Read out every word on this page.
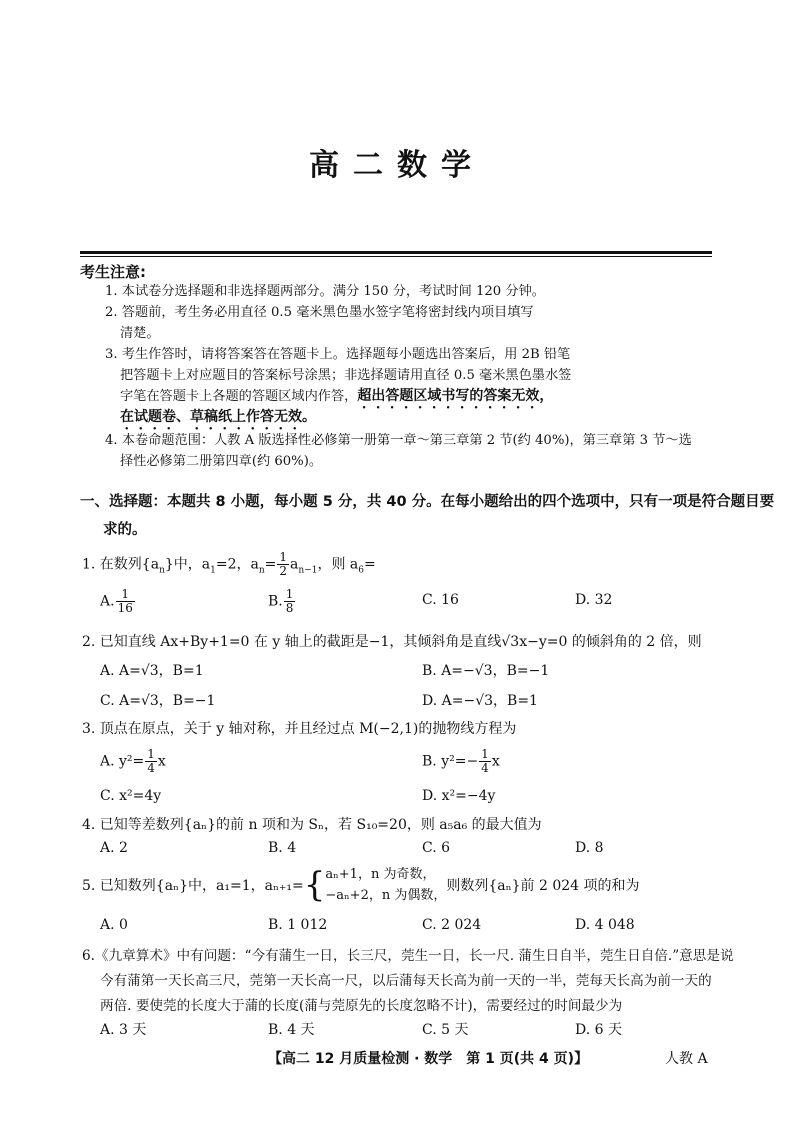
高二数学
考生注意:
1. 本试卷分选择题和非选择题两部分。满分 150 分，考试时间 120 分钟。
2. 答题前，考生务必用直径 0.5 毫米黑色墨水签字笔将密封线内项目填写
清楚。
3. 考生作答时，请将答案答在答题卡上。选择题每小题选出答案后，用 2B 铅笔
把答题卡上对应题目的答案标号涂黑；非选择题请用直径 0.5 毫米黑色墨水签
字笔在答题卡上各题的答题区域内作答，超出答题区域书写的答案无效，
在试题卷、草稿纸上作答无效。
4. 本卷命题范围：人教 A 版选择性必修第一册第一章～第三章第 2 节(约 40%)，第三章第 3 节～选
择性必修第二册第四章(约 60%)。
一、选择题：本题共 8 小题，每小题 5 分，共 40 分。在每小题给出的四个选项中，只有一项是符合题目要
求的。
1. 在数列$\{a_n\}$中，$a_1=2$，$a_n= \frac{1}{2} a_{n-1}$，则 $a_6=$
A. $\frac{1}{16}$	B. $\frac{1}{8}$	C. 16	D. 32
2. 已知直线 Ax+By+1=0 在 y 轴上的截距是−1，其倾斜角是直线√3x−y=0 的倾斜角的 2 倍，则
A. A=√3，B=1	B. A=−√3，B=−1
C. A=√3，B=−1	D. A=−√3，B=1
3. 顶点在原点，关于 y 轴对称，并且经过点 M(−2,1)的抛物线方程为
A. $y^2= \frac{1}{4}$ x	B. $y^2=- \frac{1}{4}$ x
C. x²=4y	D. x²=−4y
4. 已知等差数列{aₙ}的前 n 项和为 Sₙ，若 S₁₀=20，则 a₅a₆ 的最大值为
A. 2	B. 4	C. 6	D. 8
5. 已知数列{aₙ}中，a₁=1，aₙ₊₁={ aₙ+1，n 为奇数，
−aₙ+2，n 为偶数，
则数列{aₙ}前 2 024 项的和为
A. 0	B. 1 012	C. 2 024	D. 4 048
6.《九章算术》中有问题：“今有蒲生一日，长三尺，莞生一日，长一尺. 蒲生日自半，莞生日自倍.”意思是说
今有蒲第一天长高三尺，莞第一天长高一尺，以后蒲每天长高为前一天的一半，莞每天长高为前一天的
两倍. 要使莞的长度大于蒲的长度(蒲与莞原先的长度忽略不计)，需要经过的时间最少为
A. 3 天	B. 4 天	C. 5 天	D. 6 天
【高二 12 月质量检测 · 数学　第 1 页(共 4 页)】	人教 A
